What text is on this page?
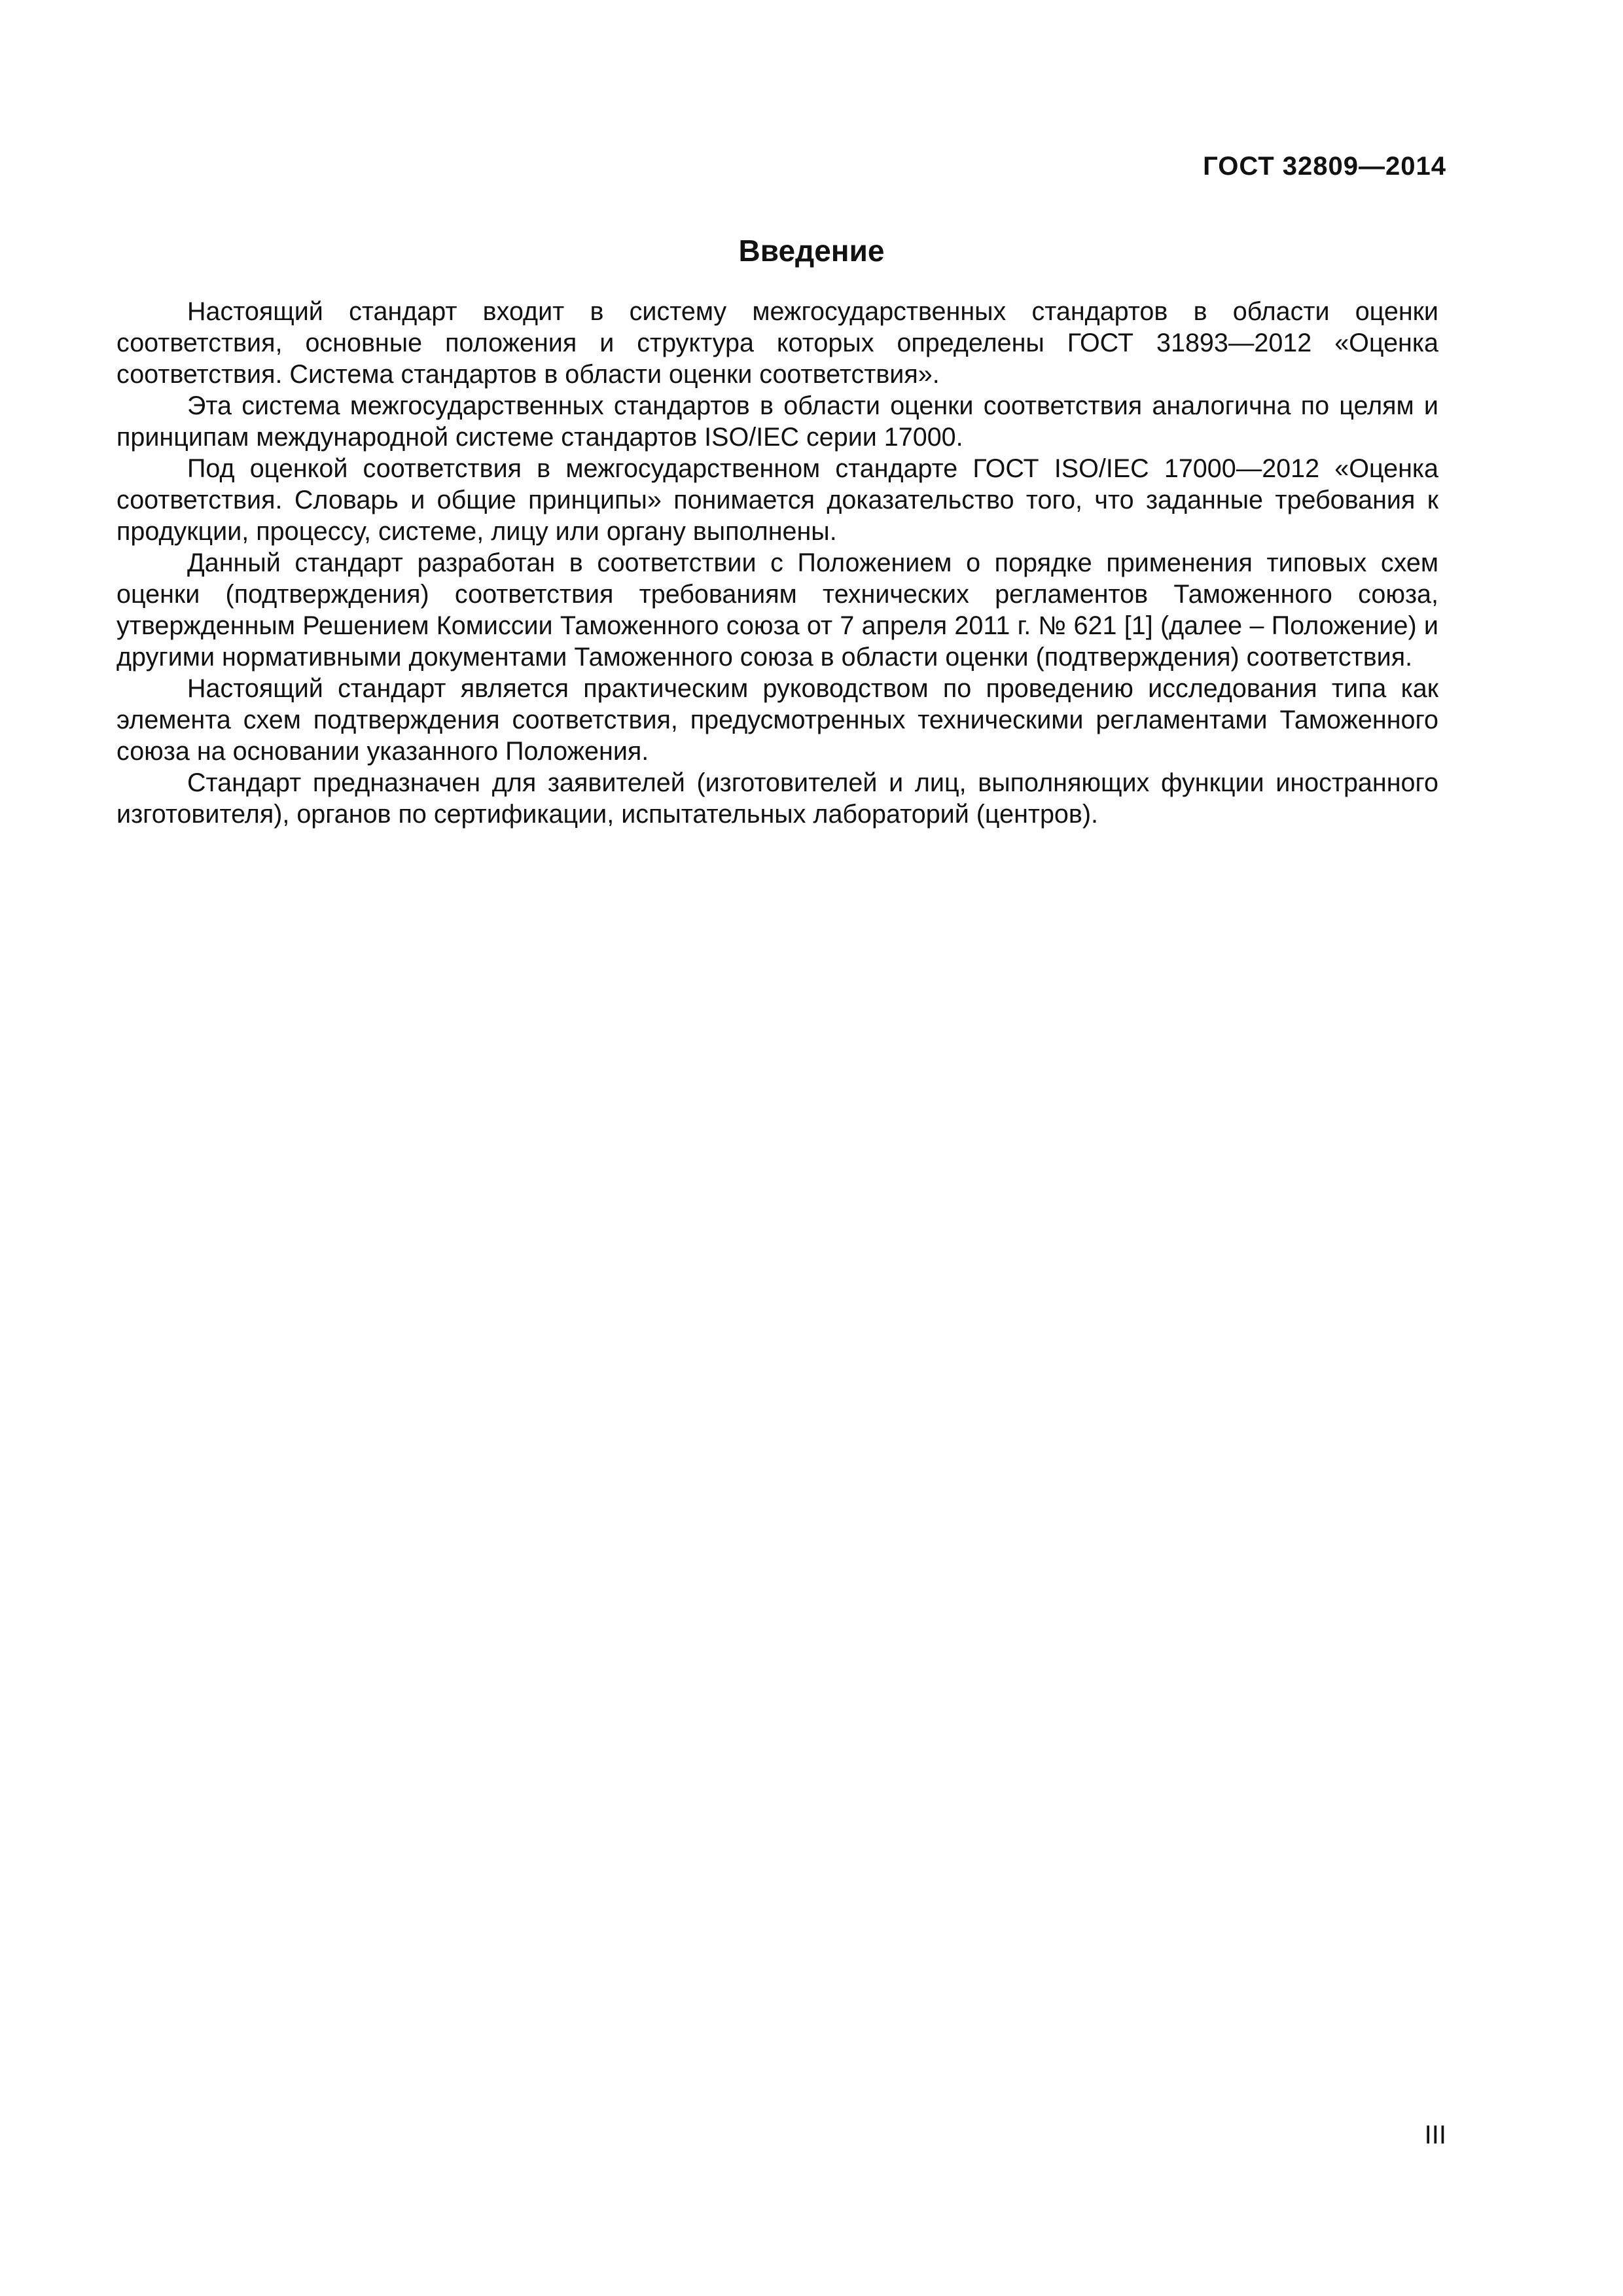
ГОСТ 32809—2014
Введение

Настоящий стандарт входит в систему межгосударственных стандартов в области оценки соответствия, основные положения и структура которых определены ГОСТ 31893—2012 «Оценка соответствия. Система стандартов в области оценки соответствия».

Эта система межгосударственных стандартов в области оценки соответствия аналогична по целям и принципам международной системе стандартов ISO/IEC серии 17000.

Под оценкой соответствия в межгосударственном стандарте ГОСТ ISO/IEC 17000—2012 «Оценка соответствия. Словарь и общие принципы» понимается доказательство того, что заданные требования к продукции, процессу, системе, лицу или органу выполнены.

Данный стандарт разработан в соответствии с Положением о порядке применения типовых схем оценки (подтверждения) соответствия требованиям технических регламентов Таможенного союза, утвержденным Решением Комиссии Таможенного союза от 7 апреля 2011 г. № 621 [1] (далее – Положение) и другими нормативными документами Таможенного союза в области оценки (подтверждения) соответствия.

Настоящий стандарт является практическим руководством по проведению исследования типа как элемента схем подтверждения соответствия, предусмотренных техническими регламентами Таможенного союза на основании указанного Положения.

Стандарт предназначен для заявителей (изготовителей и лиц, выполняющих функции иностранного изготовителя), органов по сертификации, испытательных лабораторий (центров).

III
